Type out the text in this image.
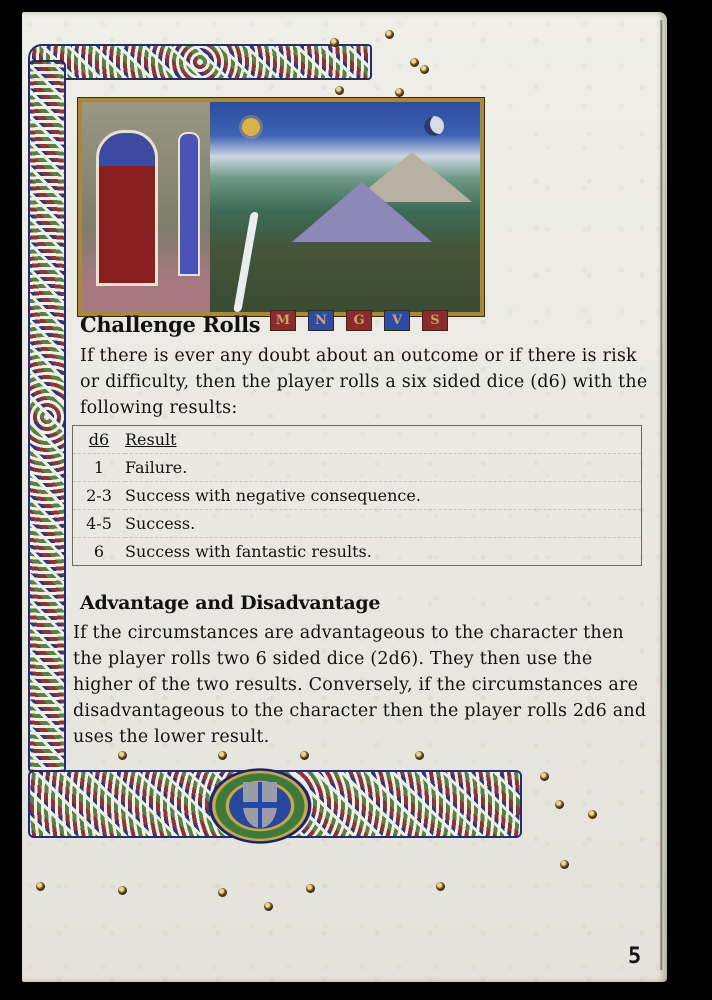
Challenge Rolls	M	N	G	V	S
If there is ever any doubt about an outcome or if there is risk or difficulty, then the player rolls a six sided dice (d6) with the following results:
d6	Result
1	Failure.
2-3	Success with negative consequence.
4-5	Success.
6	Success with fantastic results.
Advantage and Disadvantage
If the circumstances are advantageous to the character then the player rolls two 6 sided dice (2d6). They then use the higher of the two results. Conversely, if the circumstances are disadvantageous to the character then the player rolls 2d6 and uses the lower result.
5
